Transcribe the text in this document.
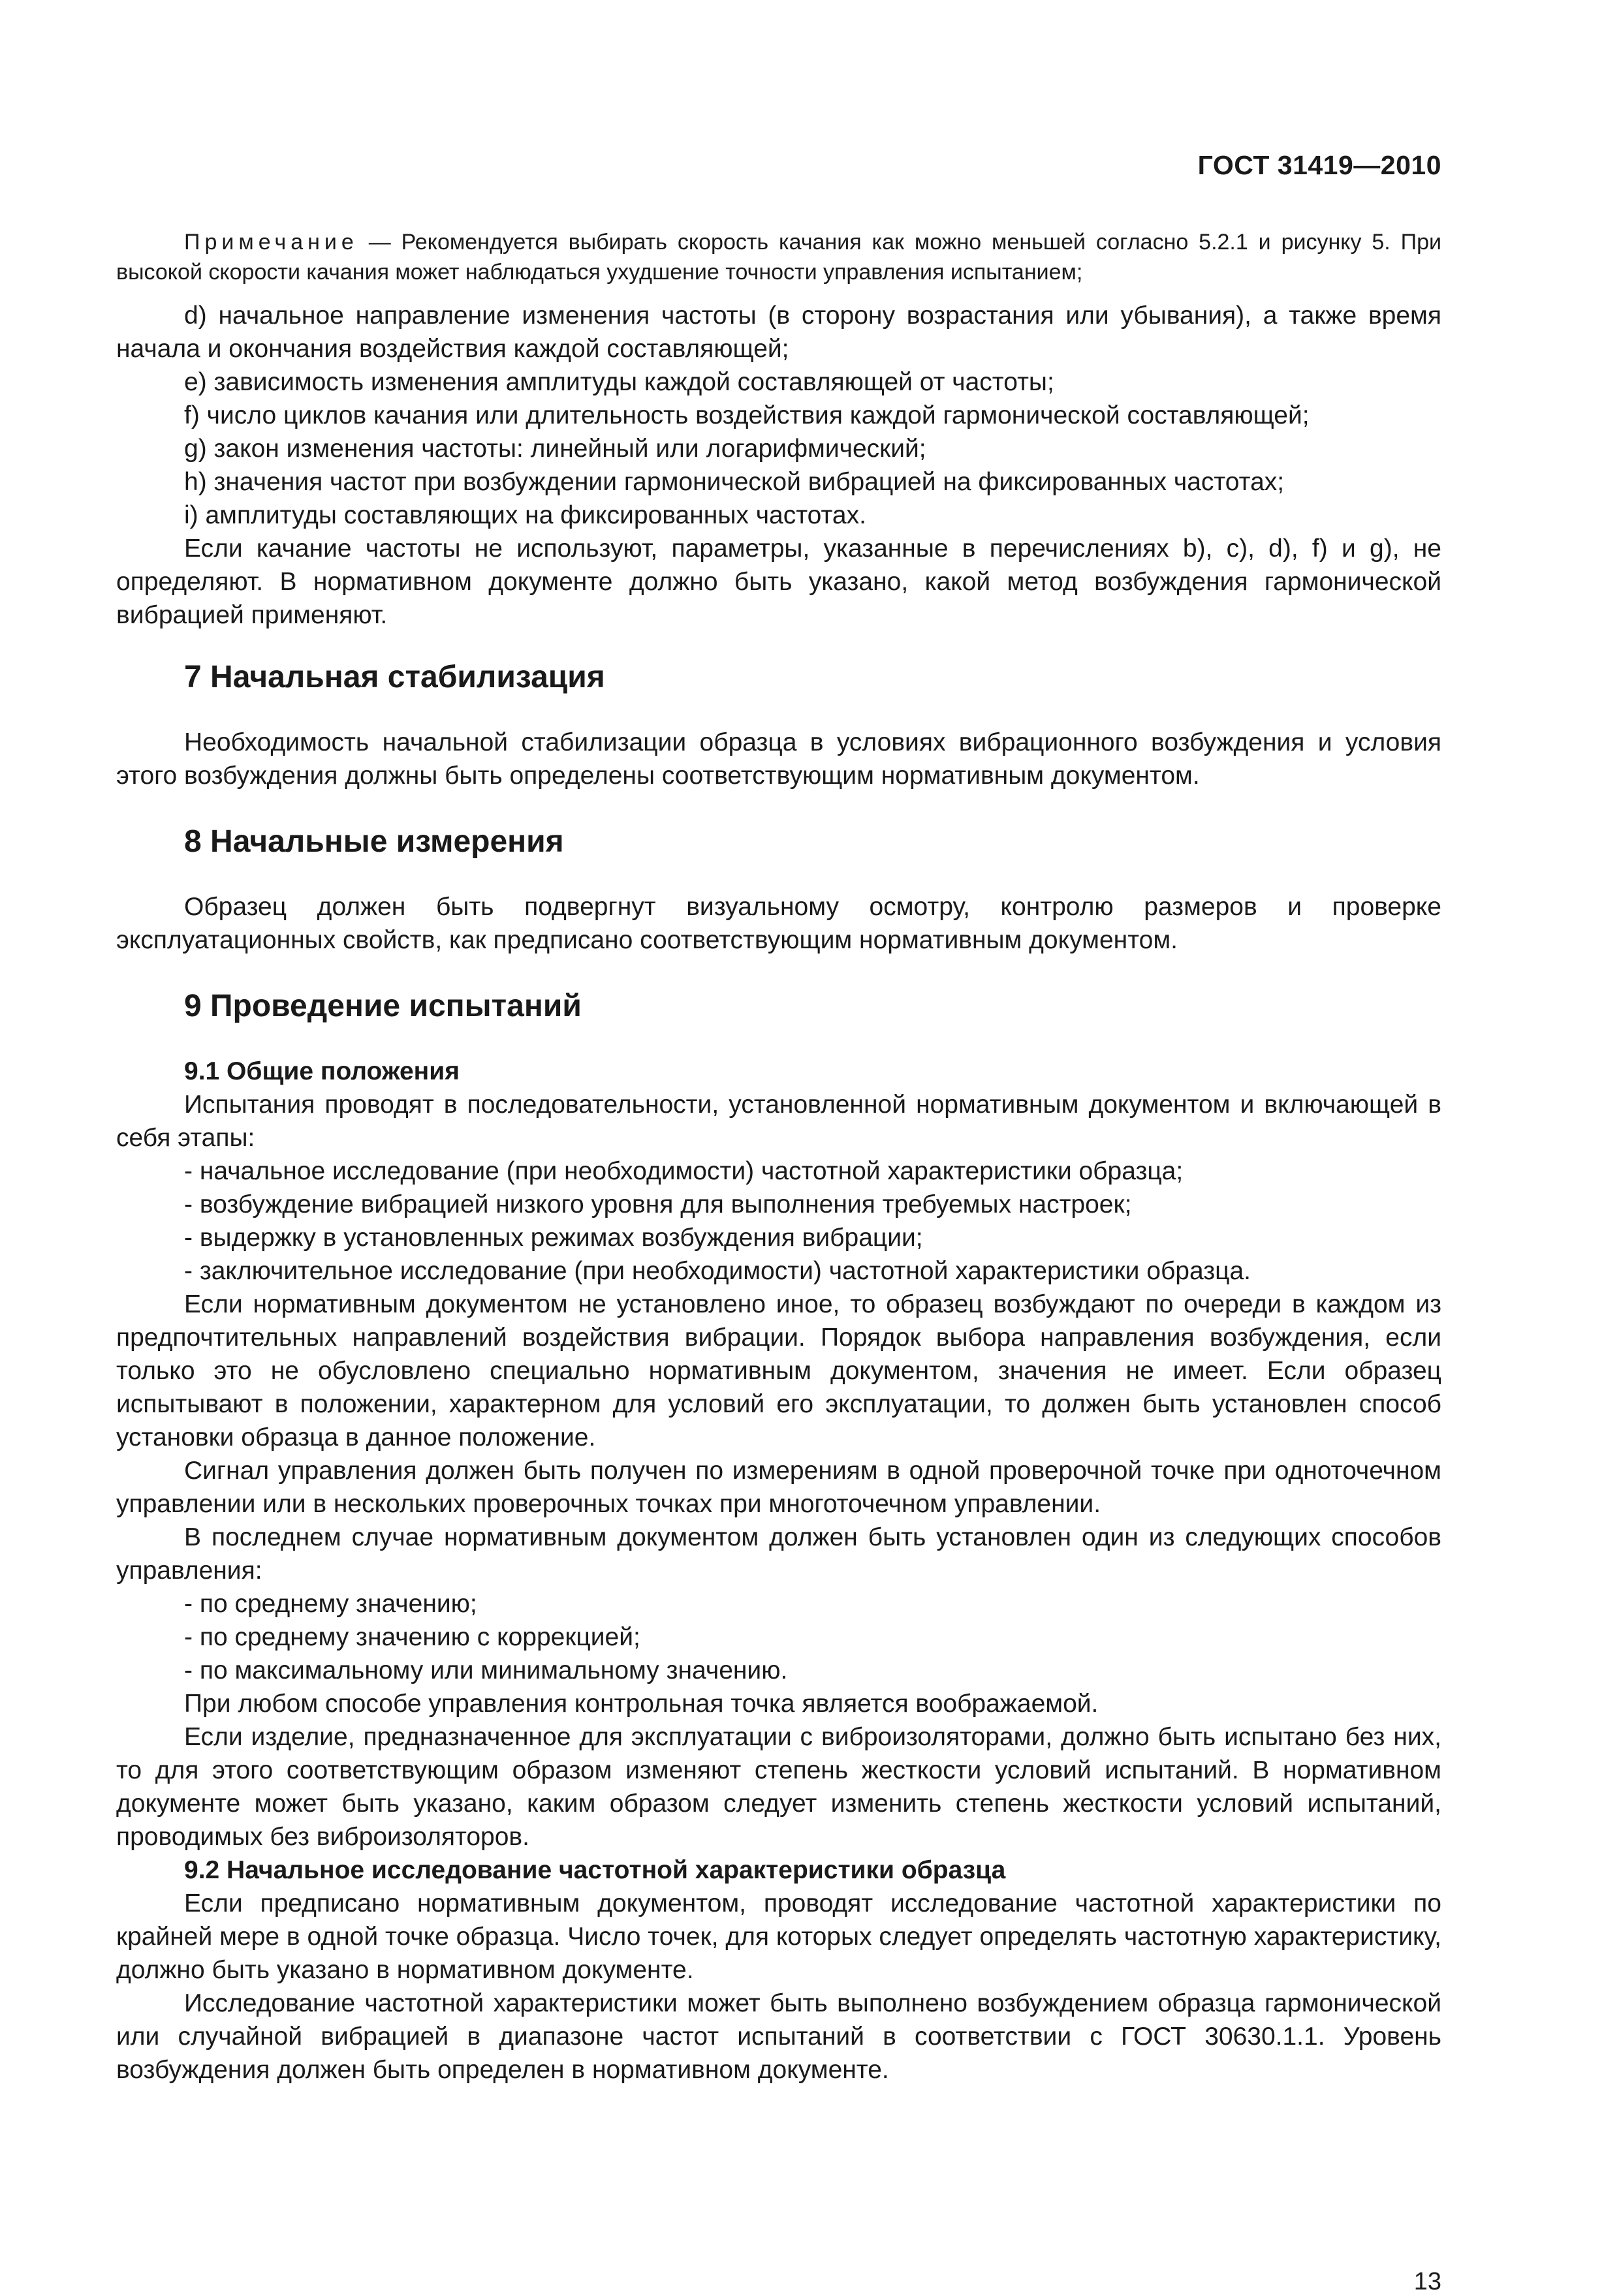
ГОСТ 31419—2010
Примечание — Рекомендуется выбирать скорость качания как можно меньшей согласно 5.2.1 и рисунку 5. При высокой скорости качания может наблюдаться ухудшение точности управления испытанием;

d) начальное направление изменения частоты (в сторону возрастания или убывания), а также время начала и окончания воздействия каждой составляющей;

e) зависимость изменения амплитуды каждой составляющей от частоты;

f) число циклов качания или длительность воздействия каждой гармонической составляющей;

g) закон изменения частоты: линейный или логарифмический;

h) значения частот при возбуждении гармонической вибрацией на фиксированных частотах;

i) амплитуды составляющих на фиксированных частотах.

Если качание частоты не используют, параметры, указанные в перечислениях b), c), d), f) и g), не определяют. В нормативном документе должно быть указано, какой метод возбуждения гармонической вибрацией применяют.

7 Начальная стабилизация

Необходимость начальной стабилизации образца в условиях вибрационного возбуждения и условия этого возбуждения должны быть определены соответствующим нормативным документом.

8 Начальные измерения

Образец должен быть подвергнут визуальному осмотру, контролю размеров и проверке эксплуатационных свойств, как предписано соответствующим нормативным документом.

9 Проведение испытаний

9.1 Общие положения

Испытания проводят в последовательности, установленной нормативным документом и включающей в себя этапы:

- начальное исследование (при необходимости) частотной характеристики образца;

- возбуждение вибрацией низкого уровня для выполнения требуемых настроек;

- выдержку в установленных режимах возбуждения вибрации;

- заключительное исследование (при необходимости) частотной характеристики образца.

Если нормативным документом не установлено иное, то образец возбуждают по очереди в каждом из предпочтительных направлений воздействия вибрации. Порядок выбора направления возбуждения, если только это не обусловлено специально нормативным документом, значения не имеет. Если образец испытывают в положении, характерном для условий его эксплуатации, то должен быть установлен способ установки образца в данное положение.

Сигнал управления должен быть получен по измерениям в одной проверочной точке при одноточечном управлении или в нескольких проверочных точках при многоточечном управлении.

В последнем случае нормативным документом должен быть установлен один из следующих способов управления:

- по среднему значению;

- по среднему значению с коррекцией;

- по максимальному или минимальному значению.

При любом способе управления контрольная точка является воображаемой.

Если изделие, предназначенное для эксплуатации с виброизоляторами, должно быть испытано без них, то для этого соответствующим образом изменяют степень жесткости условий испытаний. В нормативном документе может быть указано, каким образом следует изменить степень жесткости условий испытаний, проводимых без виброизоляторов.

9.2 Начальное исследование частотной характеристики образца

Если предписано нормативным документом, проводят исследование частотной характеристики по крайней мере в одной точке образца. Число точек, для которых следует определять частотную характеристику, должно быть указано в нормативном документе.

Исследование частотной характеристики может быть выполнено возбуждением образца гармонической или случайной вибрацией в диапазоне частот испытаний в соответствии с ГОСТ 30630.1.1. Уровень возбуждения должен быть определен в нормативном документе.

13
